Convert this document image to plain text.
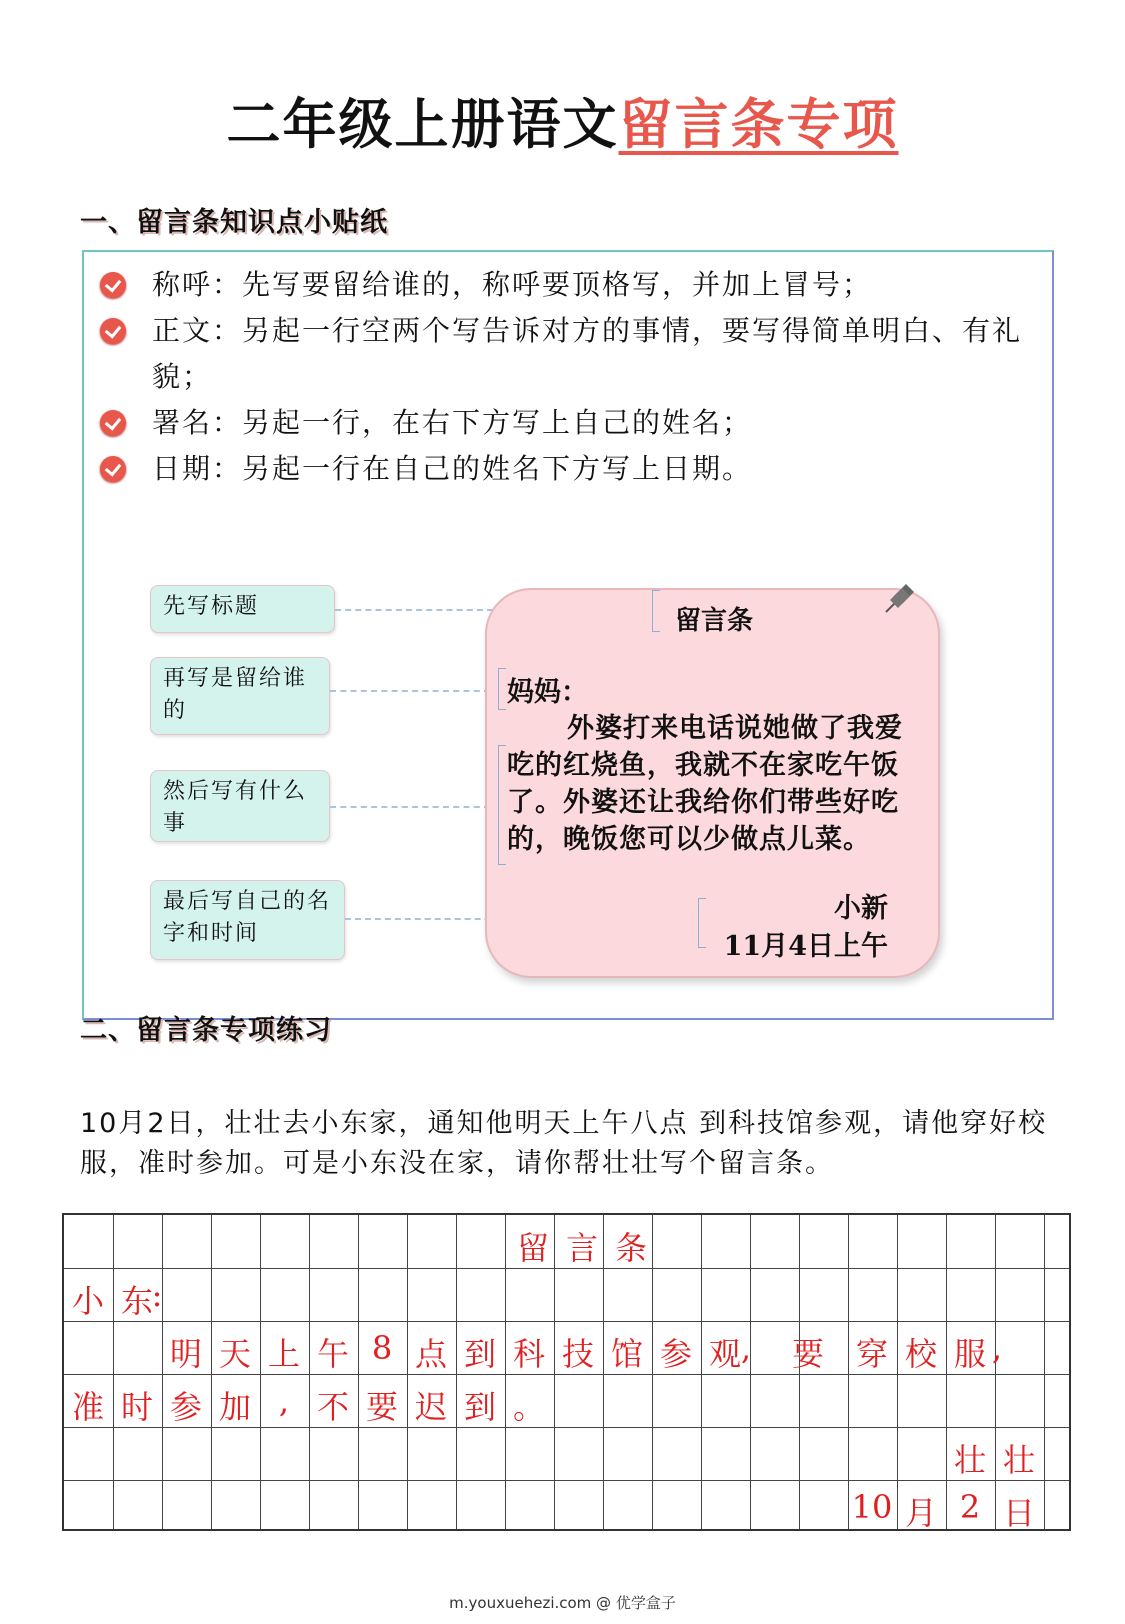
二年级上册语文留言条专项
一、留言条知识点小贴纸
称呼：先写要留给谁的，称呼要顶格写，并加上冒号；
正文：另起一行空两个写告诉对方的事情，要写得简单明白、有礼貌；
署名：另起一行，在右下方写上自己的姓名；
日期：另起一行在自己的姓名下方写上日期。
先写标题
再写是留给谁的
然后写有什么事
最后写自己的名字和时间
留言条
妈妈：
外婆打来电话说她做了我爱吃的红烧鱼，我就不在家吃午饭了。外婆还让我给你们带些好吃的，晚饭您可以少做点儿菜。
小新
11月4日上午
二、留言条专项练习
10月2日，壮壮去小东家，通知他明天上午八点 到科技馆参观，请他穿好校服，准时参加。可是小东没在家，请你帮壮壮写个留言条。
留 言 条
小 东
:
明 天 上 午 8 点 到 科 技 馆 参 观 , 要 穿 校 服 ,
准 时 参 加 , 不 要 迟 到 。
壮 壮
10 月 2 日
m.youxuehezi.com @ 优学盒子
